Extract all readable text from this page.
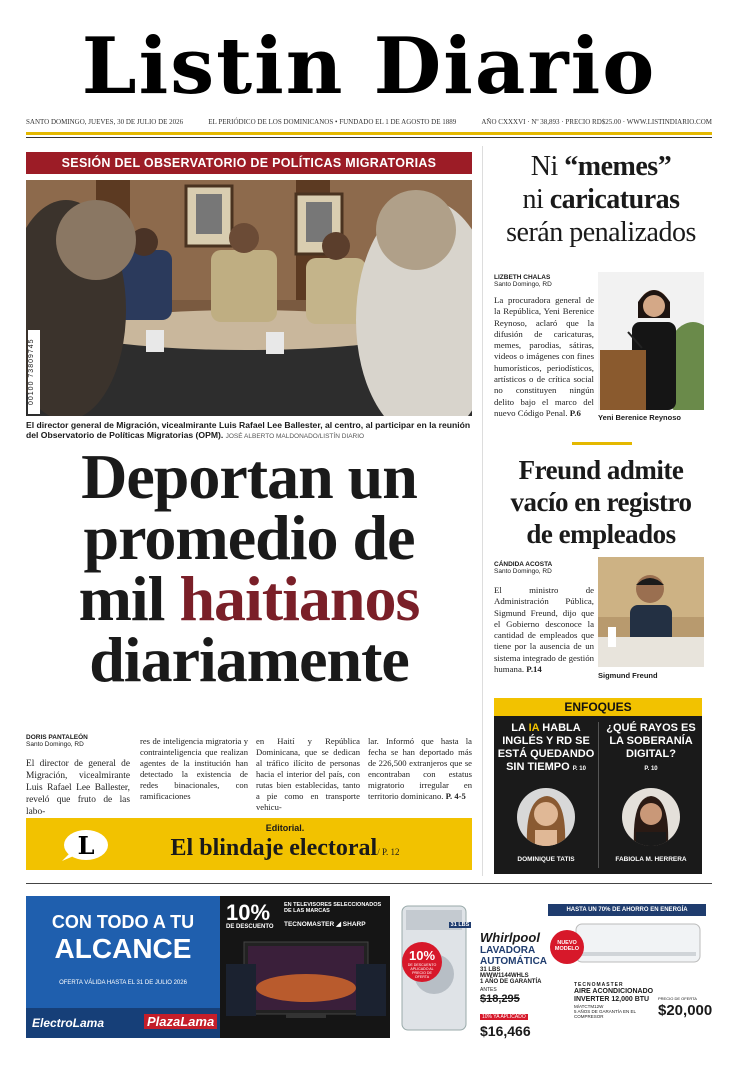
Listin Diario
SANTO DOMINGO, JUEVES, 30 DE JULIO DE 2026	EL PERIÓDICO DE LOS DOMINICANOS • FUNDADO EL 1 DE AGOSTO DE 1889	AÑO CXXXVI · Nº 38,893 · PRECIO RD$25.00 · WWW.LISTINDIARIO.COM
SESIÓN DEL OBSERVATORIO DE POLÍTICAS MIGRATORIAS
00100 73809745
El director general de Migración, vicealmirante Luis Rafael Lee Ballester, al centro, al participar en la reunión del Observatorio de Políticas Migratorias (OPM). JOSÉ ALBERTO MALDONADO/LISTÍN DIARIO
Deportan un
promedio de
mil haitianos
diariamente
DORIS PANTALEÓN
Santo Domingo, RD
El director de general de Migración, vicealmirante Luis Rafael Lee Ballester, reveló que fruto de las labo-
res de inteligencia migratoria y contrainteligencia que realizan agentes de la institución han detectado la existencia de redes binacionales, con ramificaciones
en Haití y República Dominicana, que se dedican al tráfico ilícito de personas hacia el interior del país, con rutas bien establecidas, tanto a pie como en transporte vehicu-
lar. Informó que hasta la fecha se han deportado más de 226,500 extranjeros que se encontraban con estatus migratorio irregular en territorio dominicano. P. 4-5
L
Editorial.
El blindaje electoral/ P. 12
Ni “memes”
ni caricaturas
serán penalizados
LIZBETH CHALAS
Santo Domingo, RD
La procuradora general de la República, Yeni Berenice Reynoso, aclaró que la difusión de caricaturas, memes, parodias, sátiras, videos o imágenes con fines humorísticos, periodísticos, artísticos o de crítica social no constituyen ningún delito bajo el marco del nuevo Código Penal. P.6	Yeni Berenice Reynoso
Freund admite
vacío en registro
de empleados
CÁNDIDA ACOSTA
Santo Domingo, RD
El ministro de Administración Pública, Sigmund Freund, dijo que el Gobierno desconoce la cantidad de empleados que tiene por la ausencia de un sistema integrado de gestión humana. P.14
Sigmund Freund
ENFOQUES
LA IA HABLA
INGLÉS Y RD SE
ESTÁ QUEDANDO
SIN TIEMPO P. 10
¿QUÉ RAYOS ES
LA SOBERANÍA
DIGITAL?
P. 10
DOMINIQUE TATIS	FABIOLA M. HERRERA
CON TODO A TU
ALCANCE
OFERTA VÁLIDA HASTA EL 31 DE JULIO 2026
ElectroLama	PlazaLama
10%
DE DESCUENTO
EN TELEVISORES SELECCIONADOS DE LAS MARCAS
TECNOMASTER ◢ SHARP	31 LBS
10%
DE DESCUENTO APLICADO AL PRECIO DE OFERTA
Whirlpool
LAVADORA
AUTOMÁTICA
31 LBS
M/WW1144WHLS
1 AÑO DE GARANTÍA
ANTES
$18,295
10% YA APLICADO
$16,466
HASTA UN 70% DE AHORRO EN ENERGÍA
NUEVO MODELO
TECNOMASTER
AIRE ACONDICIONADO
INVERTER 12,000 BTU
M/ATCTM12W
5 AÑOS DE GARANTÍA EN EL COMPRESOR
PRECIO DE OFERTA
$20,000
